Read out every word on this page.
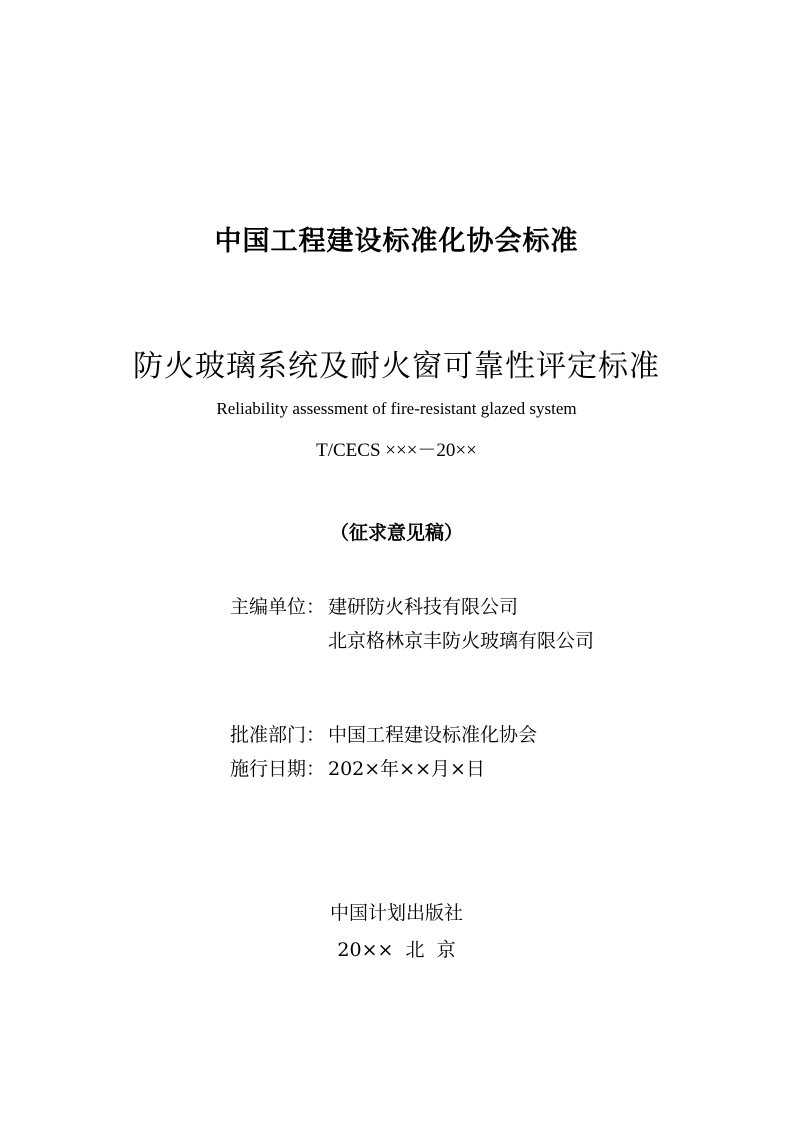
中国工程建设标准化协会标准
防火玻璃系统及耐火窗可靠性评定标准
Reliability assessment of fire-resistant glazed system
T/CECS ×××－20××
（征求意见稿）
主编单位： 建研防火科技有限公司
北京格林京丰防火玻璃有限公司
批准部门： 中国工程建设标准化协会
施行日期： 202×年××月×日
中国计划出版社
20××  北  京
